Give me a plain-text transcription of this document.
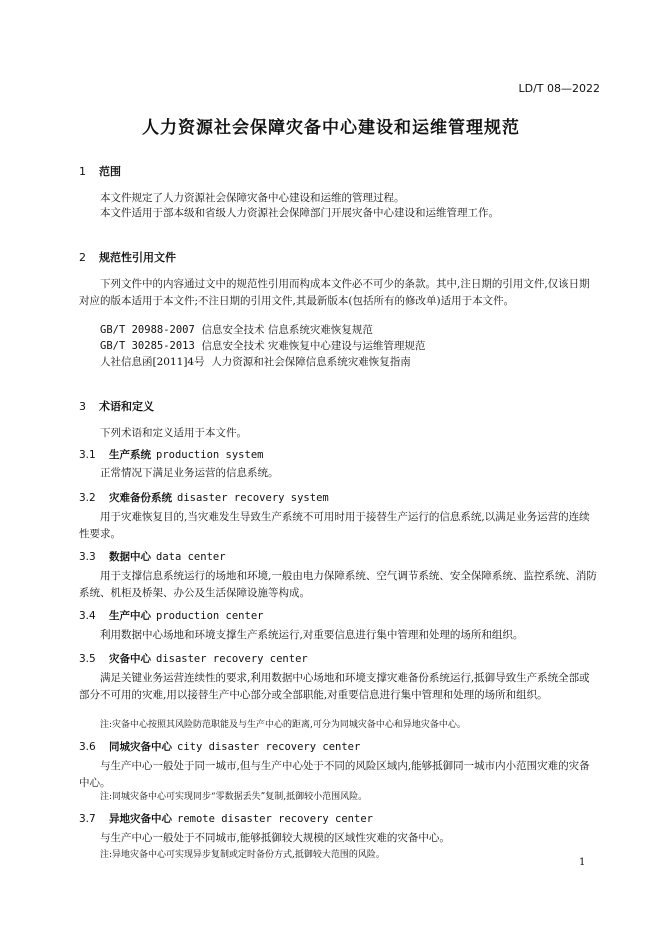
LD/T 08—2022
人力资源社会保障灾备中心建设和运维管理规范
1 范围

本文件规定了人力资源社会保障灾备中心建设和运维的管理过程。

本文件适用于部本级和省级人力资源社会保障部门开展灾备中心建设和运维管理工作。

2 规范性引用文件

下列文件中的内容通过文中的规范性引用而构成本文件必不可少的条款。其中,注日期的引用文件,仅该日期对应的版本适用于本文件;不注日期的引用文件,其最新版本(包括所有的修改单)适用于本文件。

GB/T 20988-2007 信息安全技术 信息系统灾难恢复规范
GB/T 30285-2013 信息安全技术 灾难恢复中心建设与运维管理规范
人社信息函[2011]4号 人力资源和社会保障信息系统灾难恢复指南
3 术语和定义

下列术语和定义适用于本文件。

3.1 生产系统 production system

正常情况下满足业务运营的信息系统。

3.2 灾难备份系统 disaster recovery system

用于灾难恢复目的,当灾难发生导致生产系统不可用时用于接替生产运行的信息系统,以满足业务运营的连续性要求。

3.3 数据中心 data center

用于支撑信息系统运行的场地和环境,一般由电力保障系统、空气调节系统、安全保障系统、监控系统、消防系统、机柜及桥架、办公及生活保障设施等构成。

3.4 生产中心 production center

利用数据中心场地和环境支撑生产系统运行,对重要信息进行集中管理和处理的场所和组织。

3.5 灾备中心 disaster recovery center

满足关键业务运营连续性的要求,利用数据中心场地和环境支撑灾难备份系统运行,抵御导致生产系统全部或部分不可用的灾难,用以接替生产中心部分或全部职能,对重要信息进行集中管理和处理的场所和组织。

注:灾备中心按照其风险防范职能及与生产中心的距离,可分为同城灾备中心和异地灾备中心。
3.6 同城灾备中心 city disaster recovery center

与生产中心一般处于同一城市,但与生产中心处于不同的风险区域内,能够抵御同一城市内小范围灾难的灾备中心。

注:同城灾备中心可实现同步“零数据丢失”复制,抵御较小范围风险。
3.7 异地灾备中心 remote disaster recovery center

与生产中心一般处于不同城市,能够抵御较大规模的区域性灾难的灾备中心。

注:异地灾备中心可实现异步复制或定时备份方式,抵御较大范围的风险。
1
